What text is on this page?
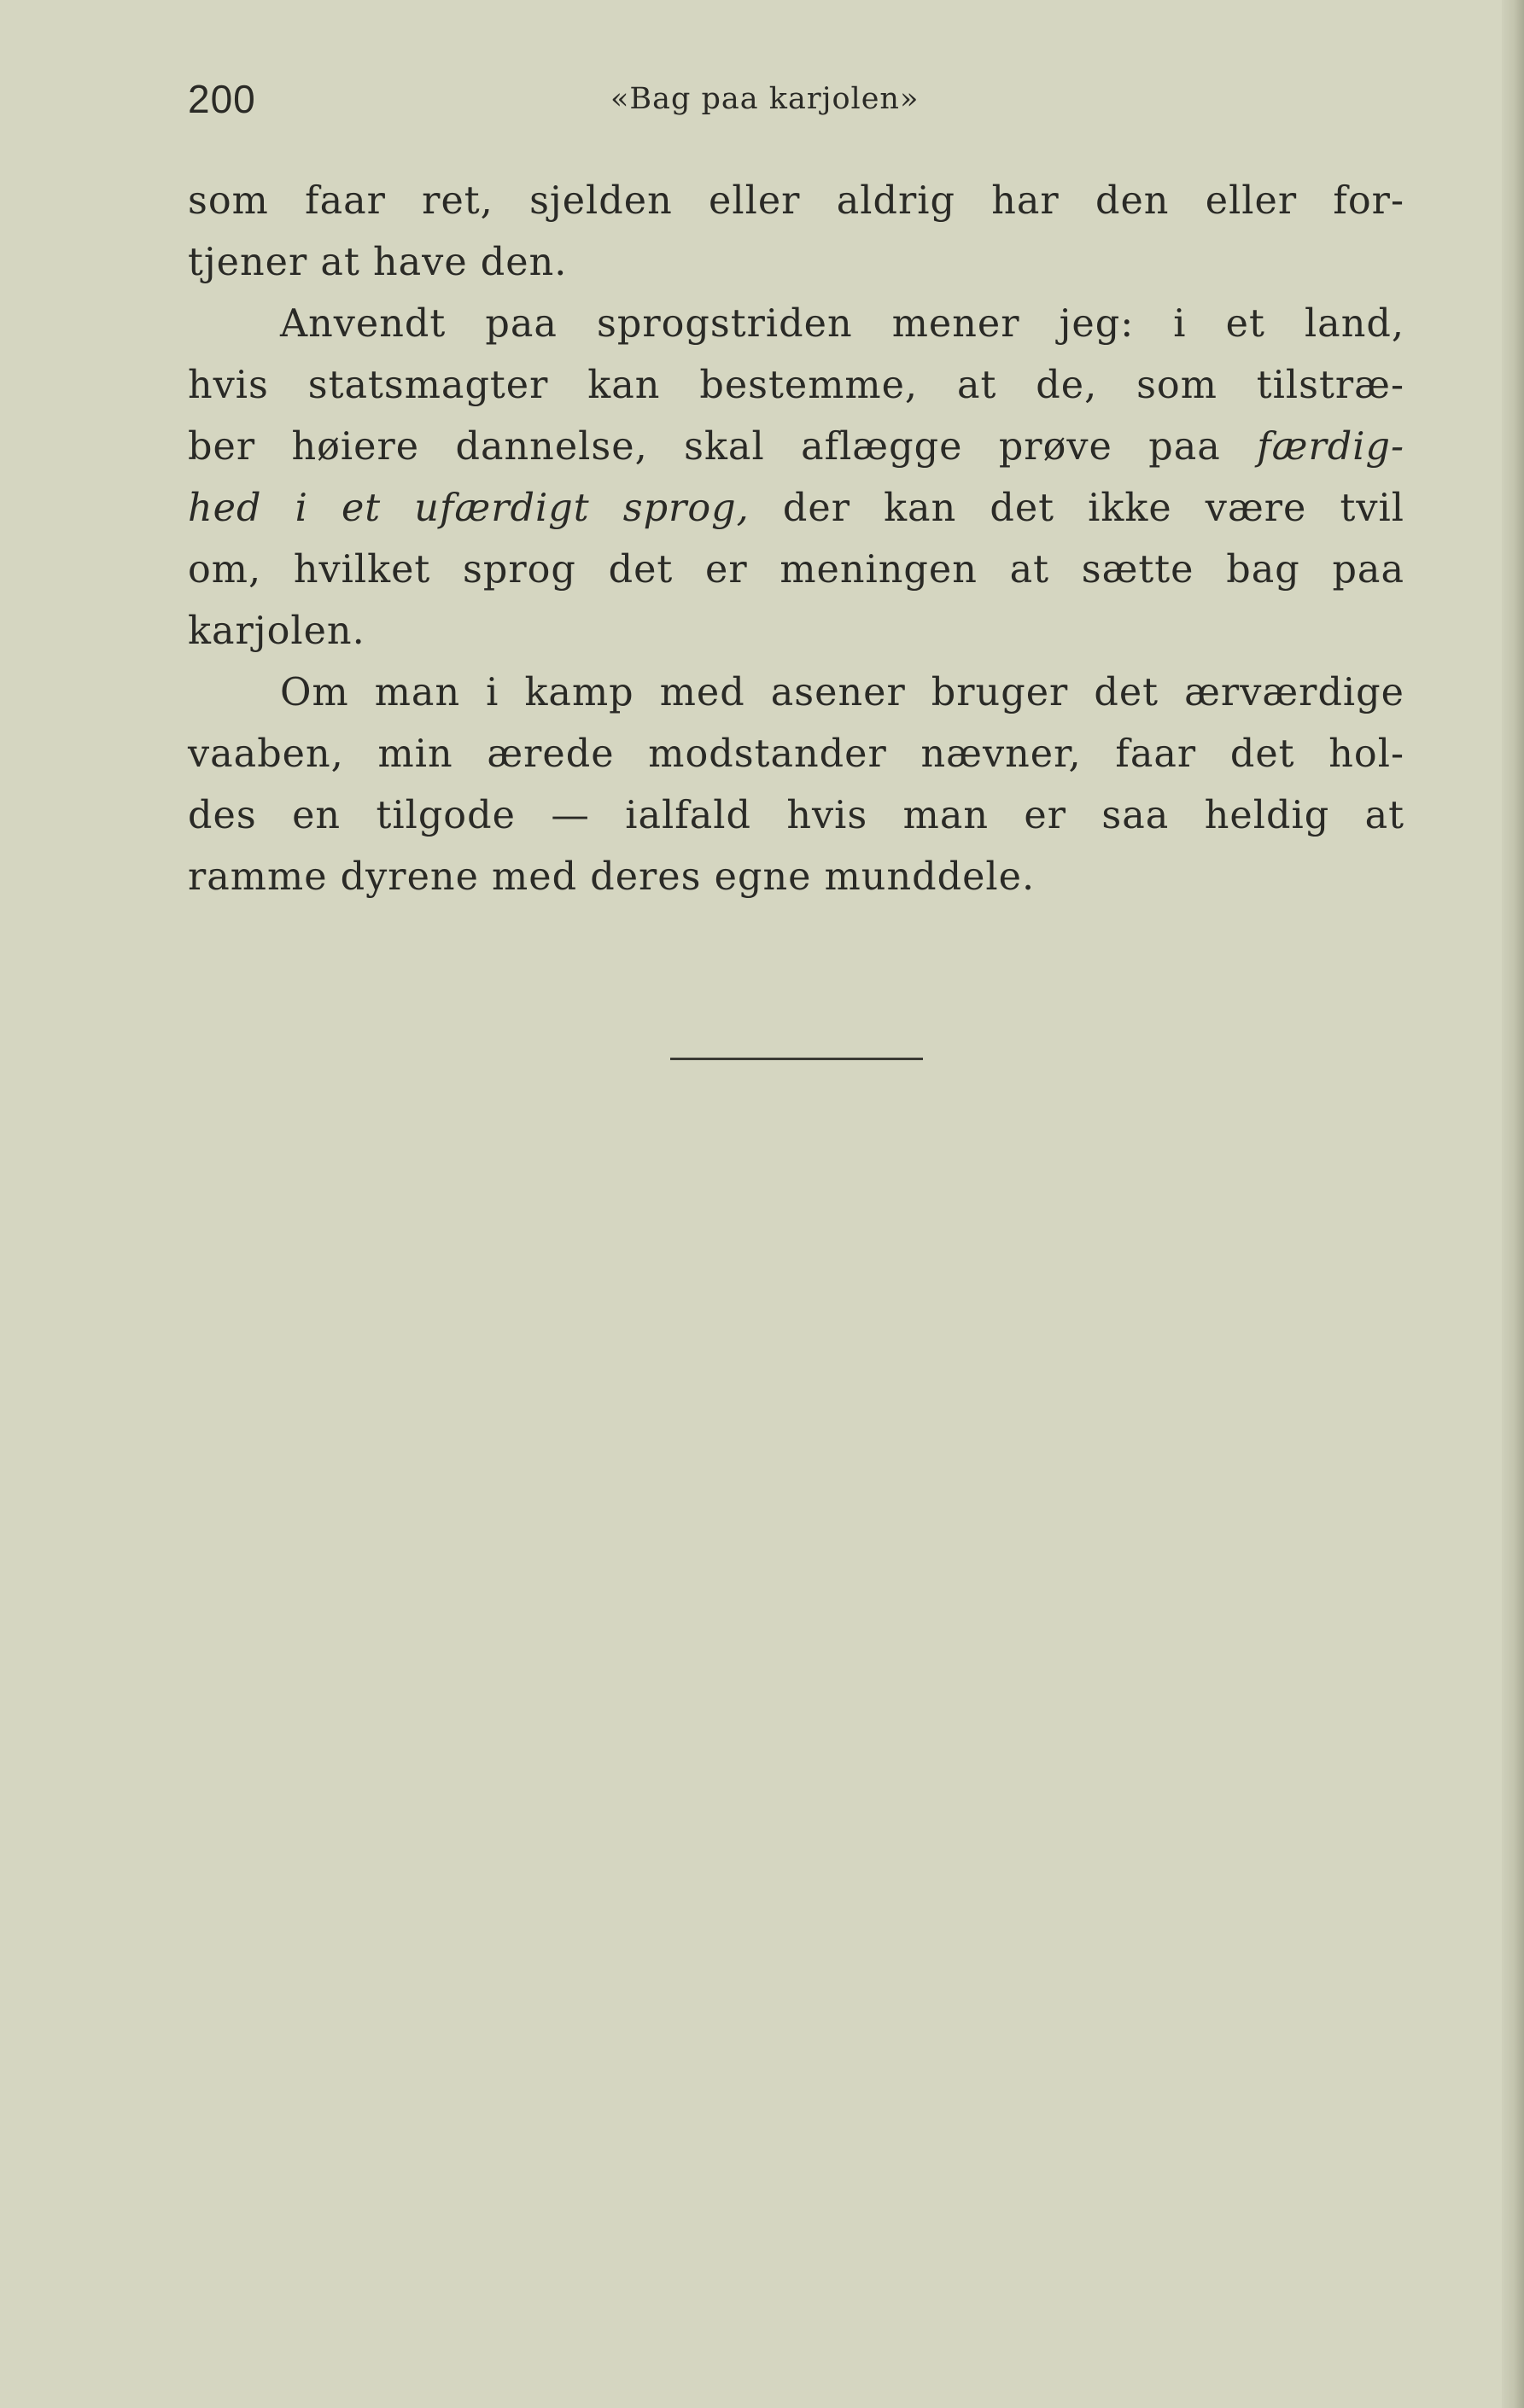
200	«Bag paa karjolen»
som faar ret, sjelden eller aldrig har den eller for-
tjener at have den.
Anvendt paa sprogstriden mener jeg: i et land,
hvis statsmagter kan bestemme, at de, som tilstræ-
ber høiere dannelse, skal aflægge prøve paa færdig-
hed i et ufærdigt sprog, der kan det ikke være tvil
om, hvilket sprog det er meningen at sætte bag paa
karjolen.
Om man i kamp med asener bruger det ærværdige
vaaben, min ærede modstander nævner, faar det hol-
des en tilgode — ialfald hvis man er saa heldig at
ramme dyrene med deres egne munddele.
